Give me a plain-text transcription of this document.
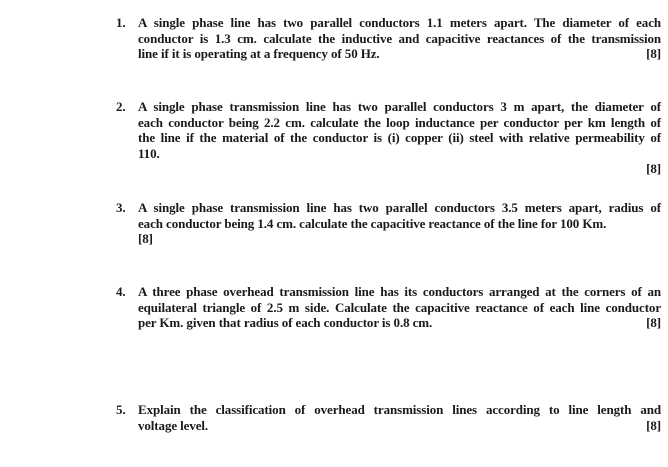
1. A single phase line has two parallel conductors 1.1 meters apart. The diameter of each
conductor is 1.3 cm. calculate the inductive and capacitive reactances of the transmission
line if it is operating at a frequency of 50 Hz.	[8]
2. A single phase transmission line has two parallel conductors 3 m apart, the diameter of
each conductor being 2.2 cm. calculate the loop inductance per conductor per km length of
the line if the material of the conductor is (i) copper (ii) steel with relative permeability of
110.
[8]
3. A single phase transmission line has two parallel conductors 3.5 meters apart, radius of
each conductor being 1.4 cm. calculate the capacitive reactance of the line for 100 Km.
[8]
4. A three phase overhead transmission line has its conductors arranged at the corners of an
equilateral triangle of 2.5 m side. Calculate the capacitive reactance of each line conductor
per Km. given that radius of each conductor is 0.8 cm.	[8]
5. Explain the classification of overhead transmission lines according to line length and
voltage level.	[8]
